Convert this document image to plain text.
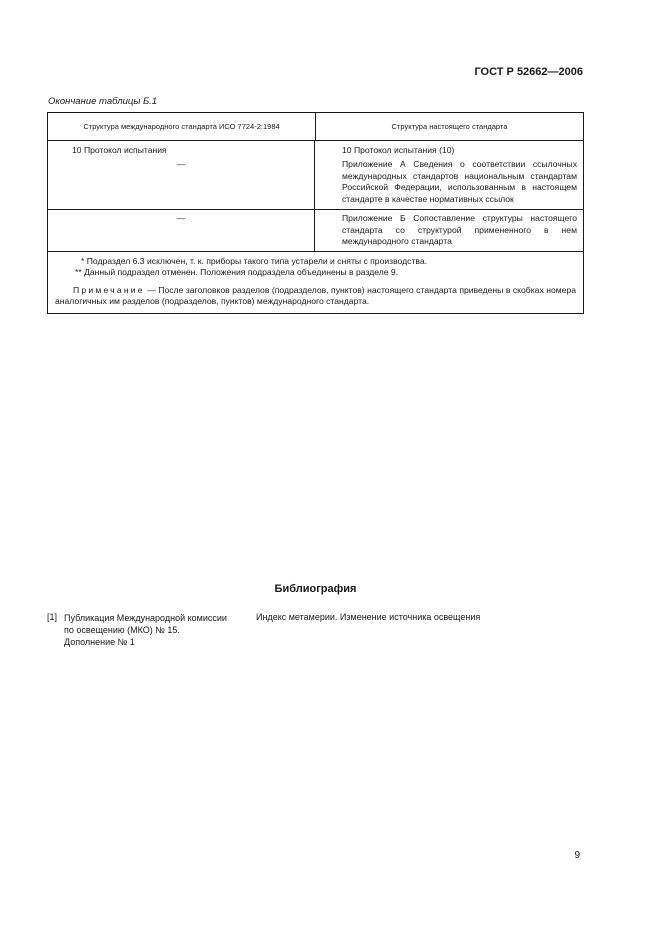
ГОСТ Р 52662—2006
Окончание таблицы Б.1
Структура международного стандарта ИСО 7724-2:1984	Структура настоящего стандарта
10 Протокол испытания	10 Протокол испытания (10)
—	Приложение А Сведения о соответствии ссылочных международных стандартов национальным стандартам Российской Федерации, использованным в настоящем стандарте в качестве нормативных ссылок
—	Приложение Б Сопоставление структуры настоящего стандарта со структурой примененного в нем международного стандарта
* Подраздел 6.3 исключен, т. к. приборы такого типа устарели и сняты с производства.
** Данный подраздел отменен. Положения подраздела объединены в разделе 9.
Примечание — После заголовков разделов (подразделов, пунктов) настоящего стандарта приведены в скобках номера аналогичных им разделов (подразделов, пунктов) международного стандарта.
Библиография
[1] Публикация Международной комиссии
по освещению (МКО) № 15.
Дополнение № 1
Индекс метамерии. Изменение источника освещения
9
